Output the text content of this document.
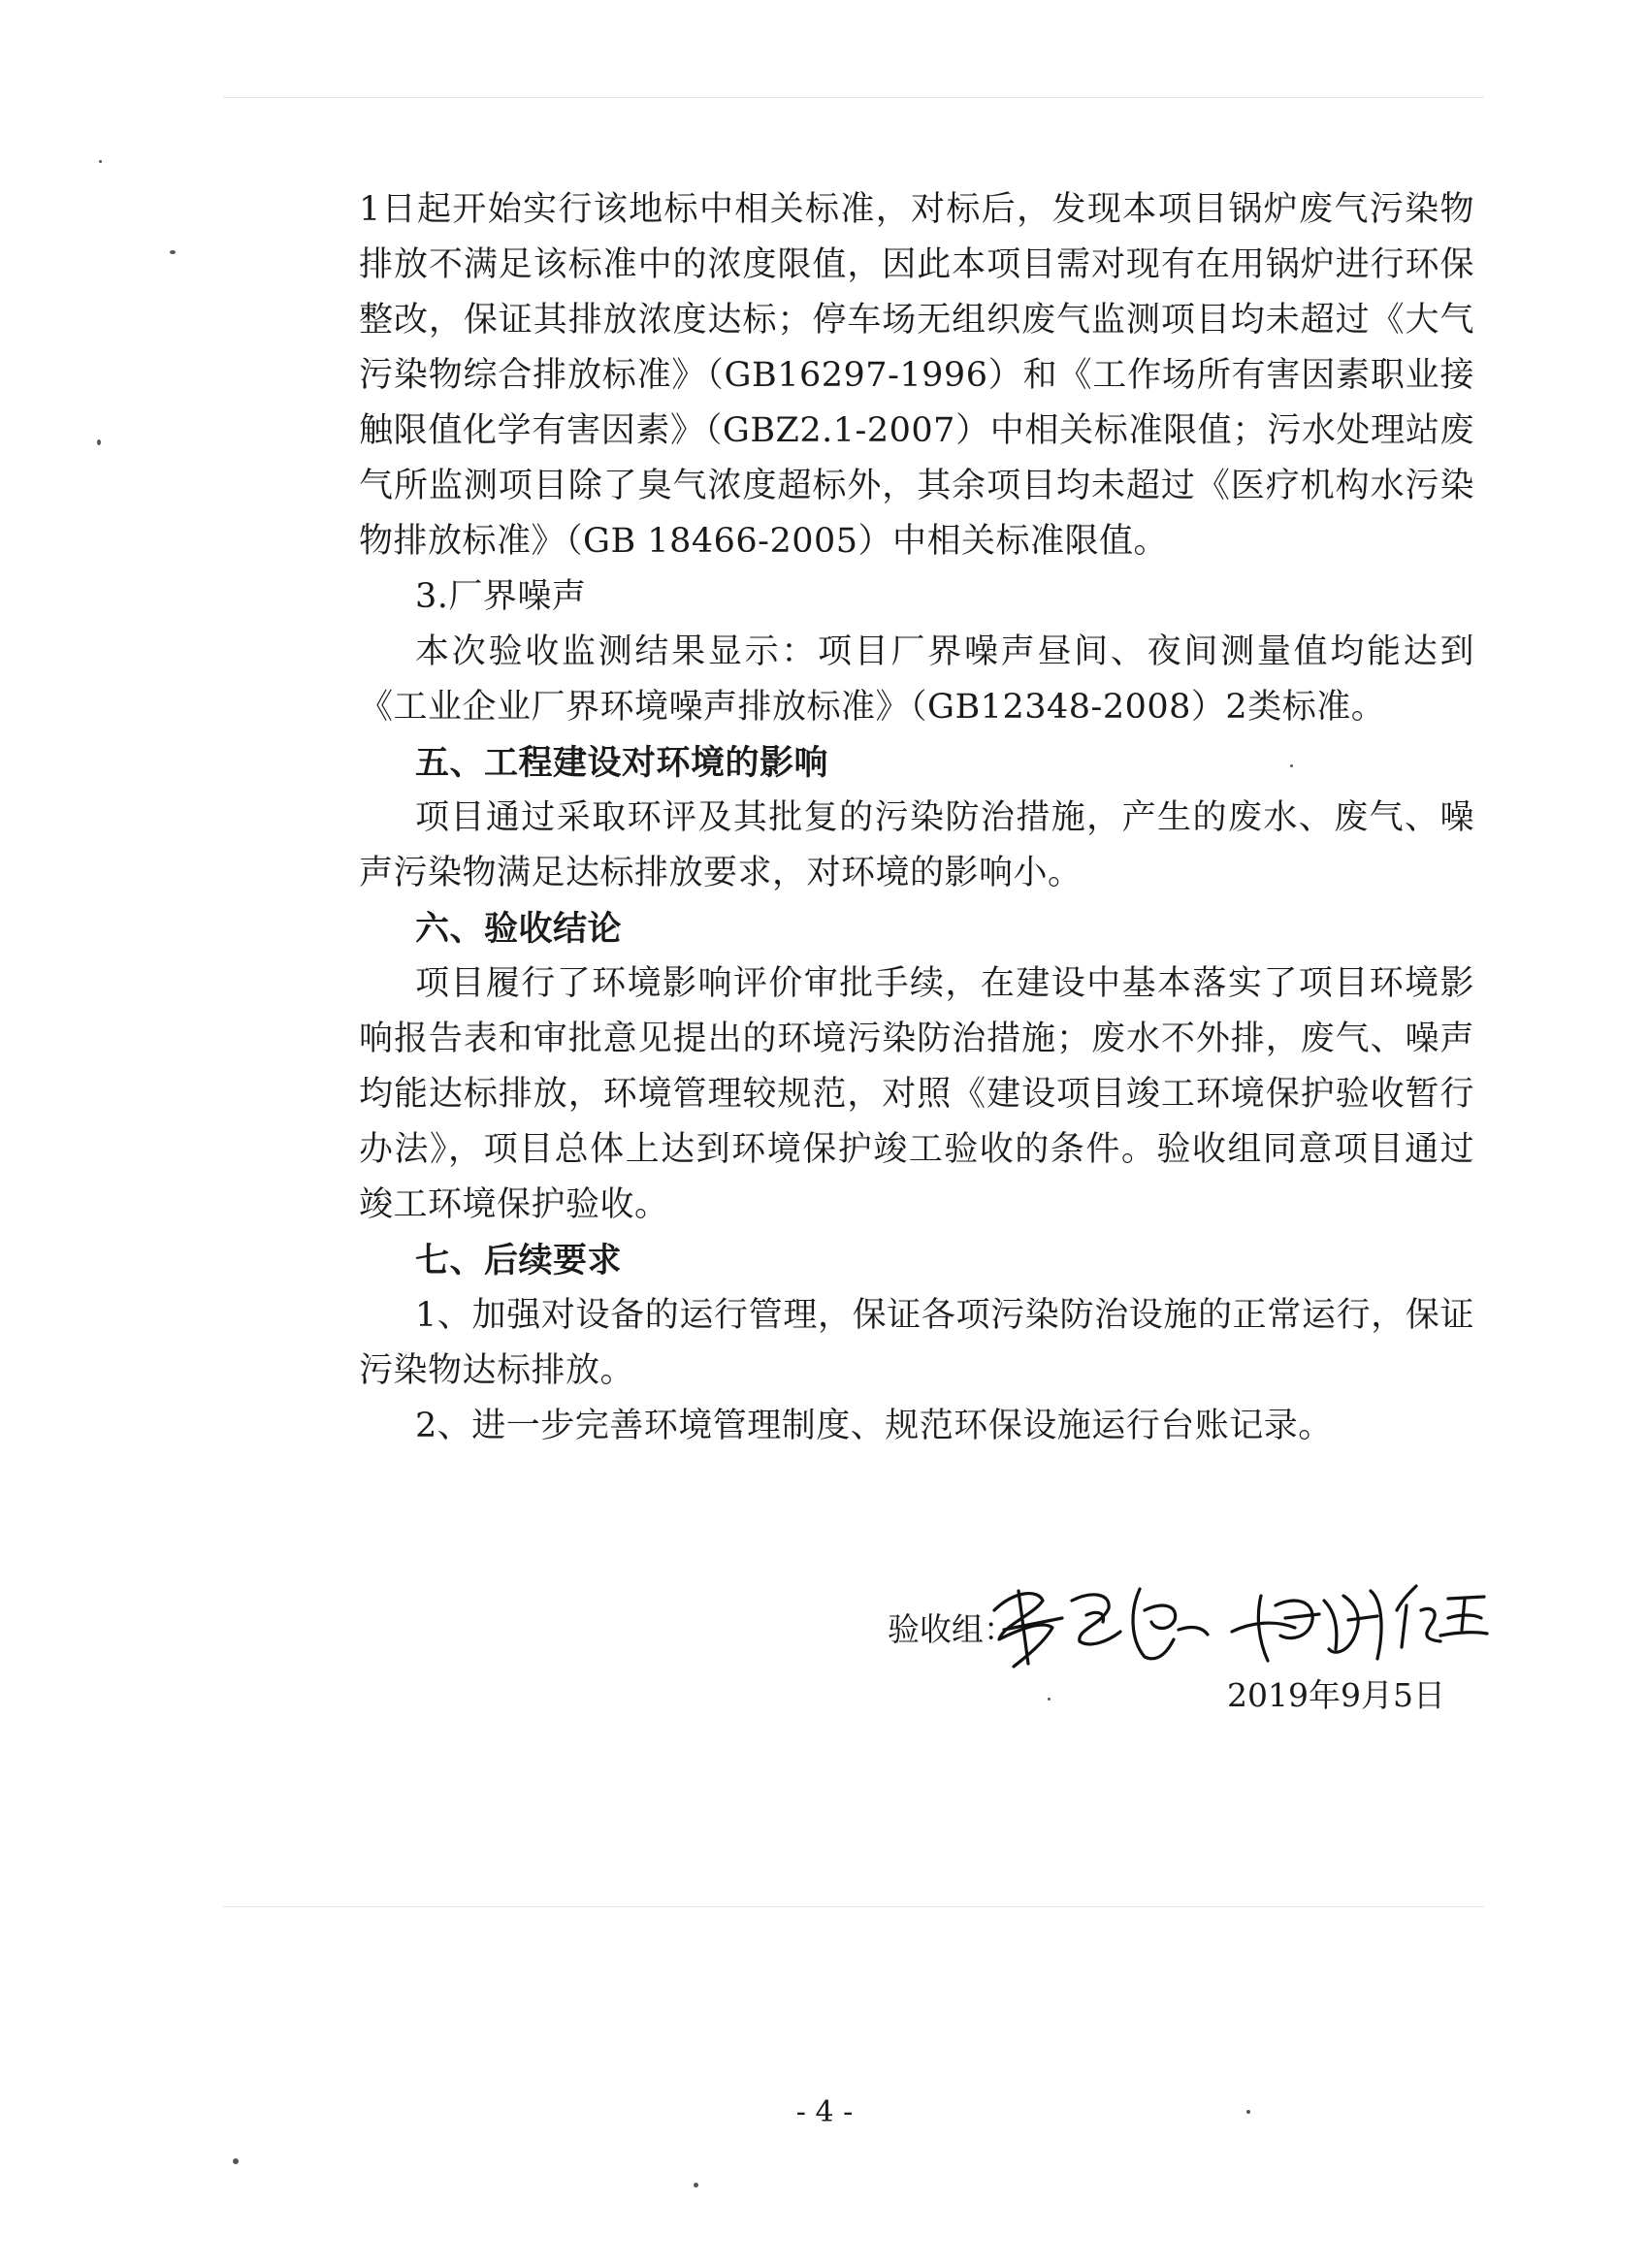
1日起开始实行该地标中相关标准，对标后，发现本项目锅炉废气污染物排放不满足该标准中的浓度限值，因此本项目需对现有在用锅炉进行环保整改，保证其排放浓度达标；停车场无组织废气监测项目均未超过《大气污染物综合排放标准》（GB16297-1996）和《工作场所有害因素职业接触限值化学有害因素》（GBZ2.1-2007）中相关标准限值；污水处理站废气所监测项目除了臭气浓度超标外，其余项目均未超过《医疗机构水污染物排放标准》（GB 18466-2005）中相关标准限值。

3.厂界噪声

本次验收监测结果显示：项目厂界噪声昼间、夜间测量值均能达到《工业企业厂界环境噪声排放标准》（GB12348-2008）2类标准。

五、工程建设对环境的影响

项目通过采取环评及其批复的污染防治措施，产生的废水、废气、噪声污染物满足达标排放要求，对环境的影响小。

六、验收结论

项目履行了环境影响评价审批手续，在建设中基本落实了项目环境影响报告表和审批意见提出的环境污染防治措施；废水不外排，废气、噪声均能达标排放，环境管理较规范，对照《建设项目竣工环境保护验收暂行办法》，项目总体上达到环境保护竣工验收的条件。验收组同意项目通过竣工环境保护验收。

七、后续要求

1、加强对设备的运行管理，保证各项污染防治设施的正常运行，保证污染物达标排放。

2、进一步完善环境管理制度、规范环保设施运行台账记录。

验收组：
2019年9月5日
- 4 -
